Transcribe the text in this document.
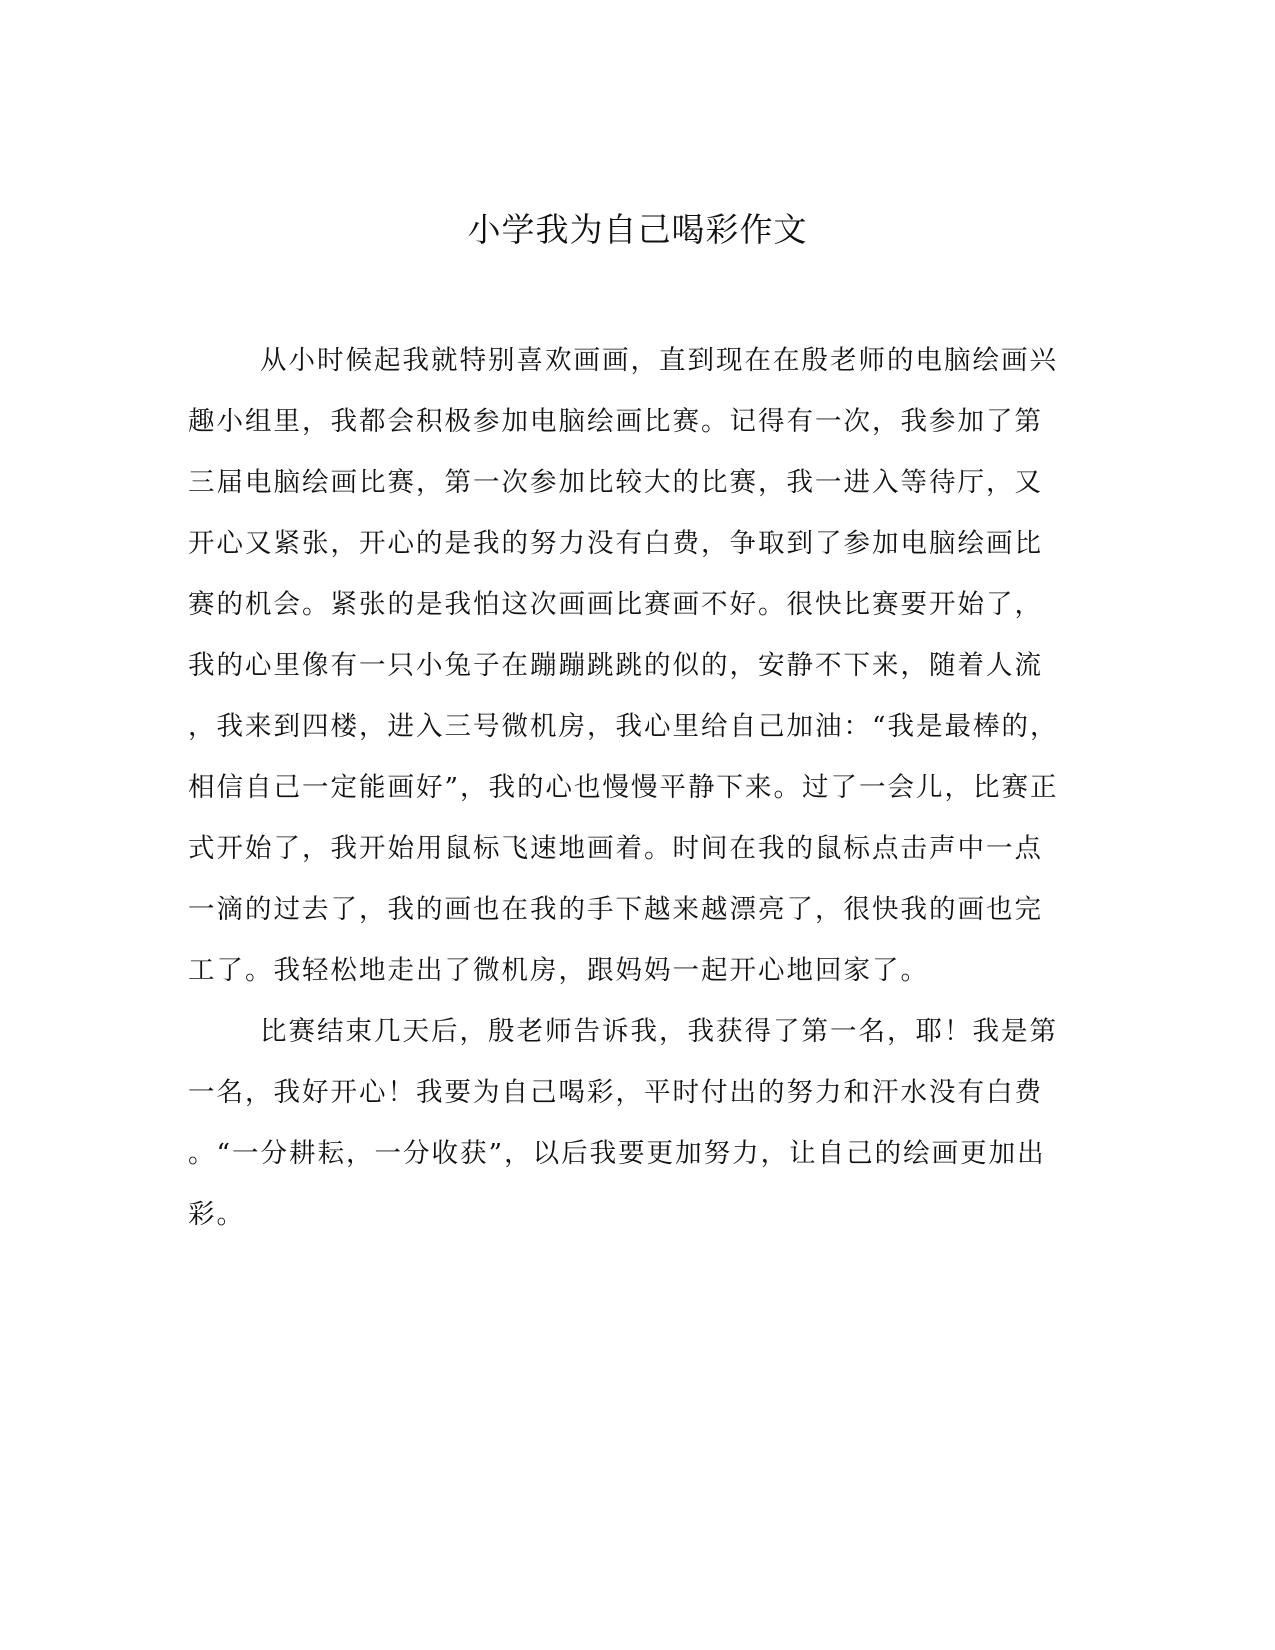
小学我为自己喝彩作文
从小时候起我就特别喜欢画画，直到现在在殷老师的电脑绘画兴
趣小组里，我都会积极参加电脑绘画比赛。记得有一次，我参加了第
三届电脑绘画比赛，第一次参加比较大的比赛，我一进入等待厅，又
开心又紧张，开心的是我的努力没有白费，争取到了参加电脑绘画比
赛的机会。紧张的是我怕这次画画比赛画不好。很快比赛要开始了，
我的心里像有一只小兔子在蹦蹦跳跳的似的，安静不下来，随着人流
，我来到四楼，进入三号微机房，我心里给自己加油：“我是最棒的，
相信自己一定能画好”，我的心也慢慢平静下来。过了一会儿，比赛正
式开始了，我开始用鼠标飞速地画着。时间在我的鼠标点击声中一点
一滴的过去了，我的画也在我的手下越来越漂亮了，很快我的画也完
工了。我轻松地走出了微机房，跟妈妈一起开心地回家了。
比赛结束几天后，殷老师告诉我，我获得了第一名，耶！我是第
一名，我好开心！我要为自己喝彩，平时付出的努力和汗水没有白费
。“一分耕耘，一分收获”，以后我要更加努力，让自己的绘画更加出
彩。
